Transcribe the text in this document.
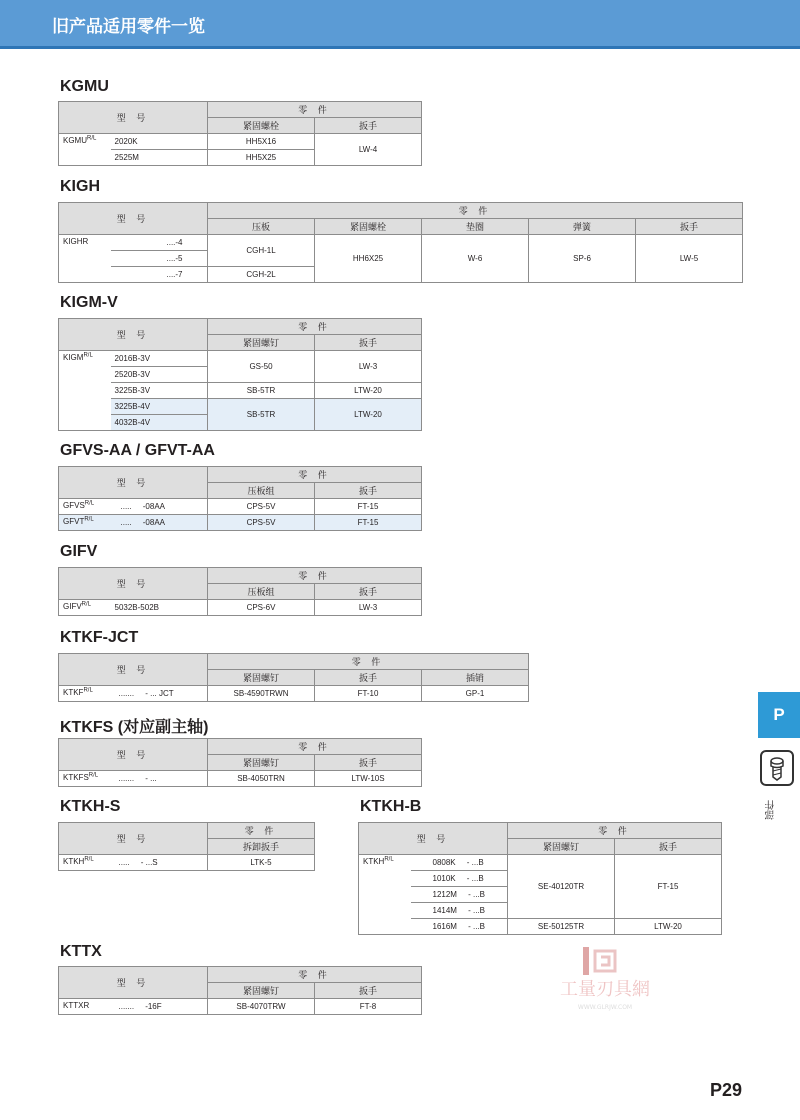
旧产品适用零件一览
KGMU
型 号		零 件	
		紧固螺栓	扳手
$KGMU^{R/L}$	2020K	HH5X16	LW-4
	2525M	HH5X25	
KIGH
型 号		零 件				
		压板	紧固螺栓	垫圈	弹簧	扳手
KIGHR	....-4	CGH-1L	HH6X25	W-6	SP-6	LW-5
	....-5					
	....-7	CGH-2L				
KIGM-V
型 号		零 件	
		紧固螺钉	扳手
$KIGM^{R/L}$	2016B-3V	GS-50	LW-3
	2520B-3V		
	3225B-3V	SB-5TR	LTW-20
	3225B-4V	SB-5TR	LTW-20
	4032B-4V		
GFVS-AA / GFVT-AA
型 号		零 件	
		压板组	扳手
$GFVS^{R/L}$	..... -08AA	CPS-5V	FT-15
$GFVT^{R/L}$	..... -08AA	CPS-5V	FT-15
GIFV
型 号		零 件	
		压板组	扳手
$GIFV^{R/L}$	5032B-502B	CPS-6V	LW-3
KTKF-JCT
型 号		零 件		
		紧固螺钉	扳手	插销
$KTKF^{R/L}$	....... - ... JCT	SB-4590TRWN	FT-10	GP-1
KTKFS (对应副主轴)
型 号		零 件	
		紧固螺钉	扳手
$KTKFS^{R/L}$	....... - ...	SB-4050TRN	LTW-10S
KTKH-S
型 号		零 件
		拆卸扳手
$KTKH^{R/L}$	..... - ...S	LTK-5
KTKH-B
型 号		零 件	
		紧固螺钉	扳手
$KTKH^{R/L}$	0808K - ...B	SE-40120TR	FT-15
	1010K - ...B		
	1212M - ...B		
	1414M - ...B		
	1616M - ...B	SE-50125TR	LTW-20
KTTX
型 号		零 件	
		紧固螺钉	扳手
KTTXR	....... -16F	SB-4070TRW	FT-8
P
部件
工量刃具網
WWW.GLRJW.COM
P29
